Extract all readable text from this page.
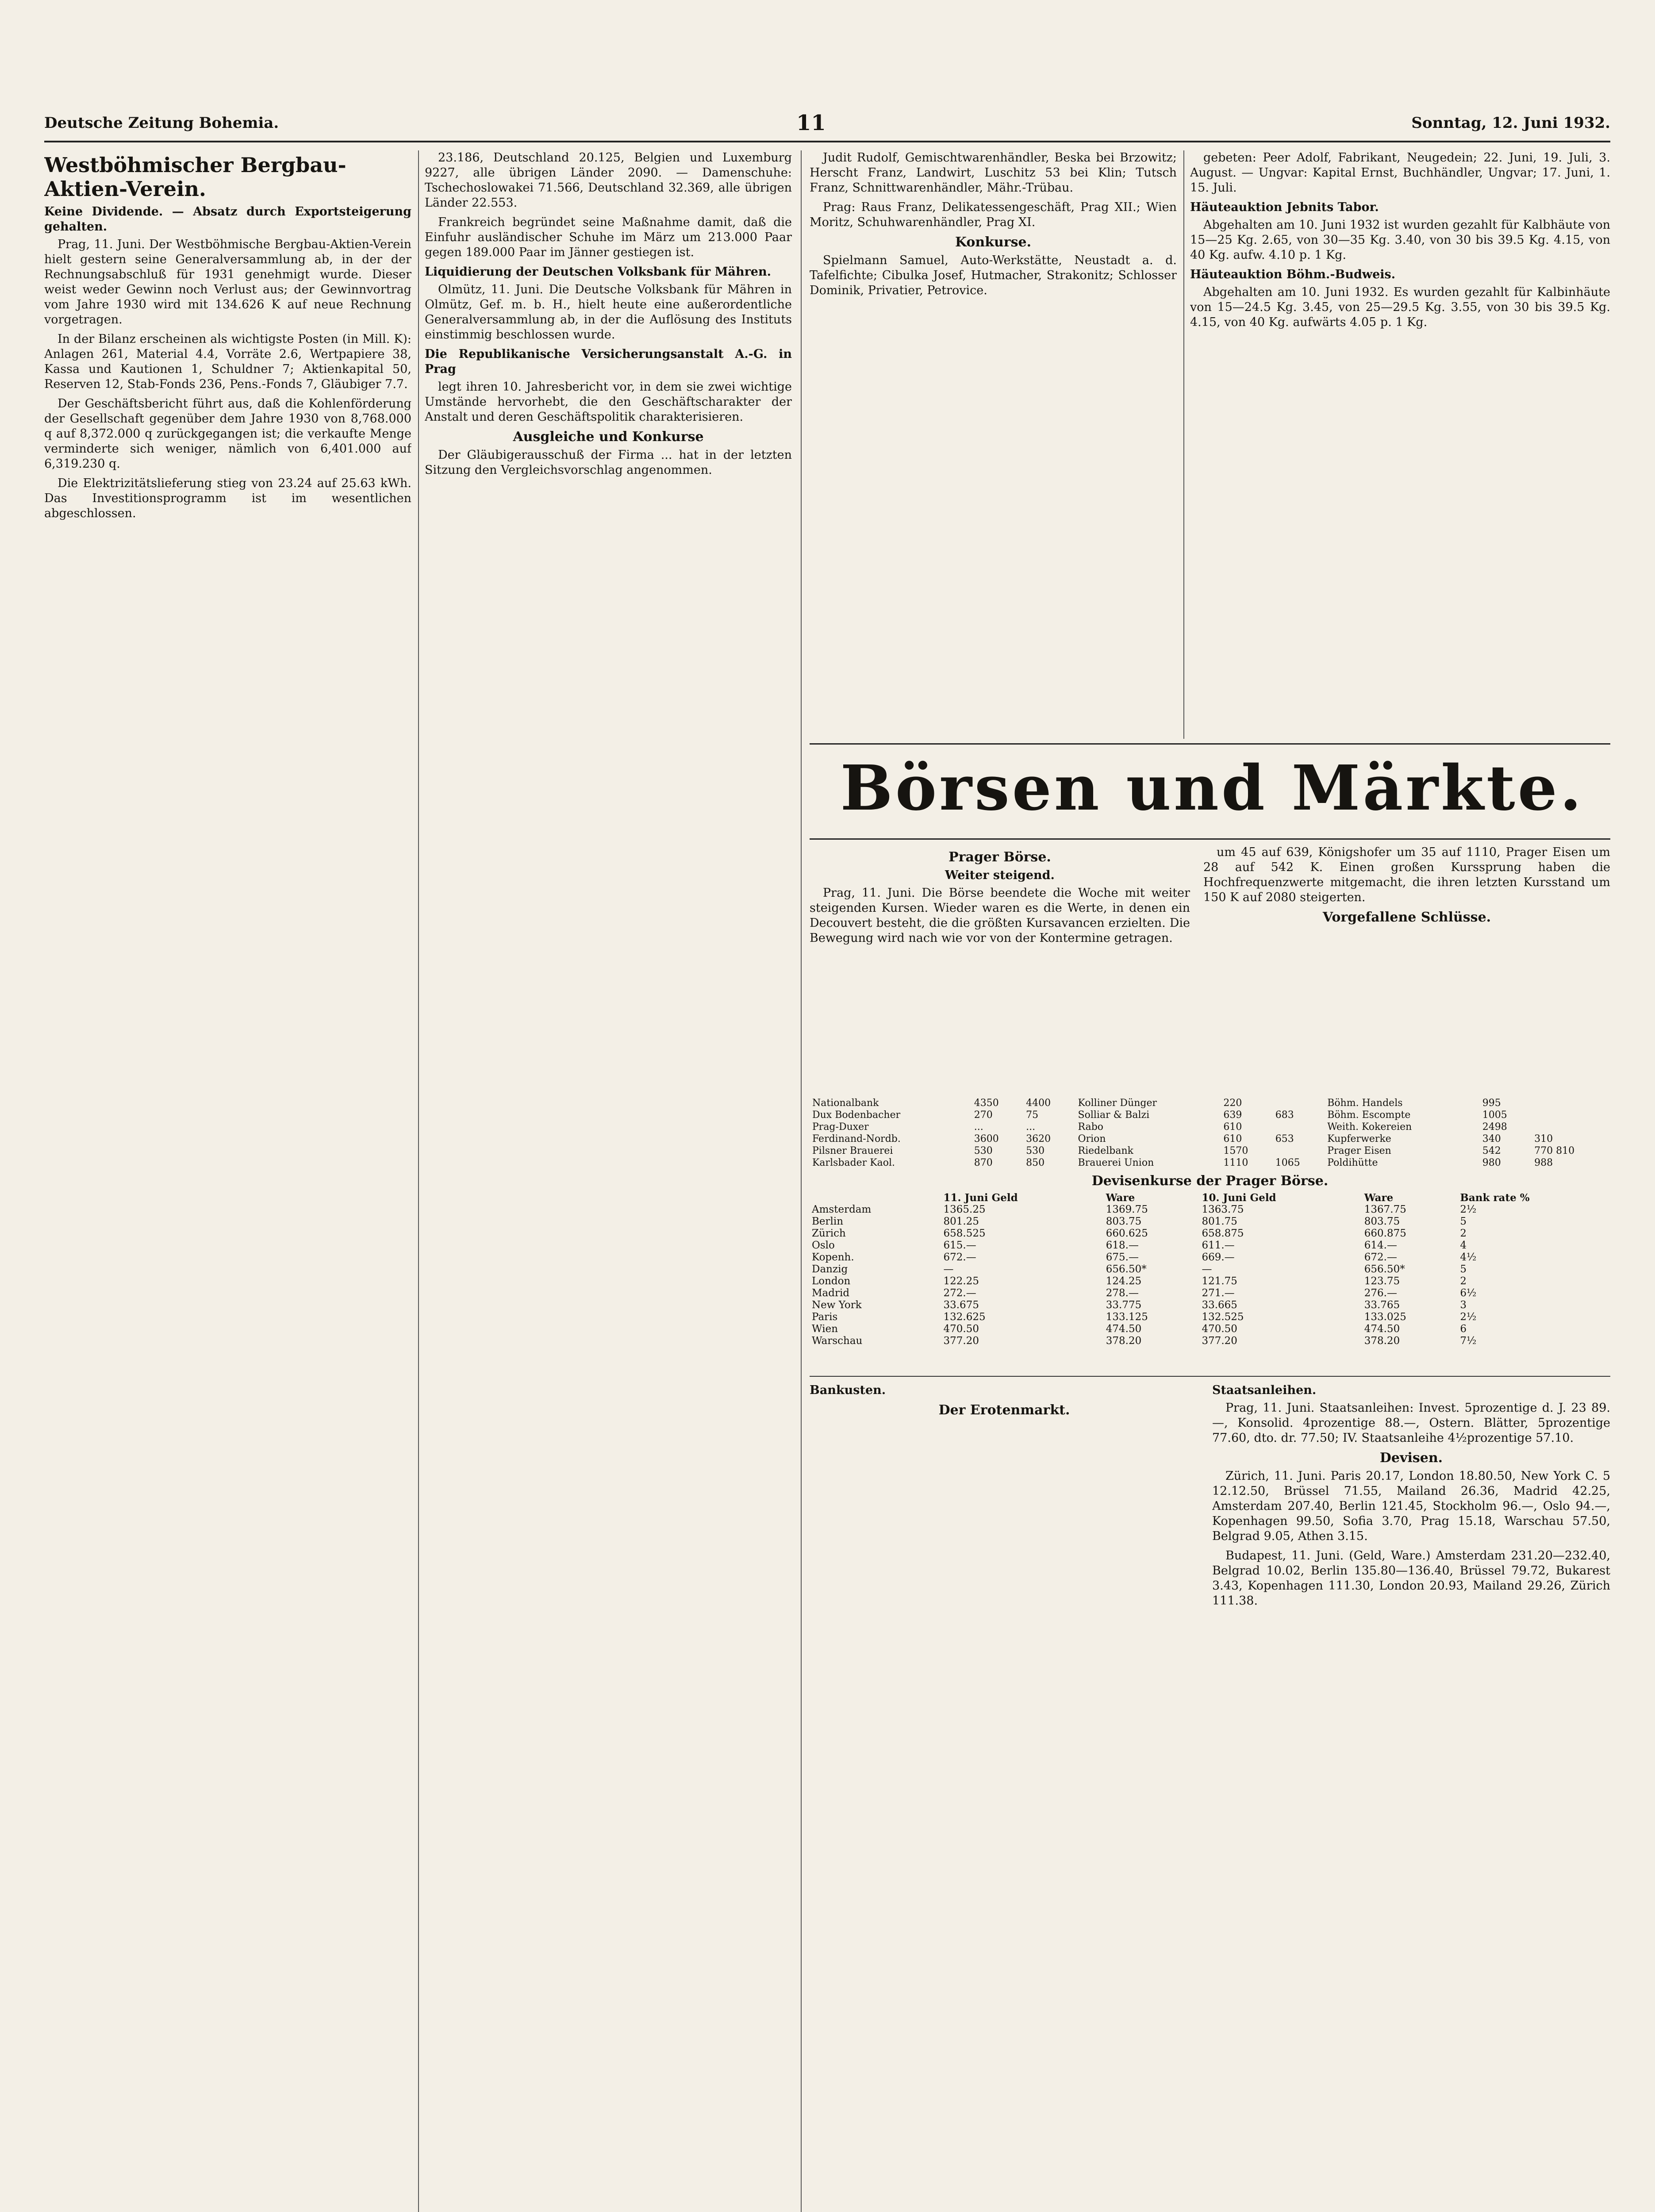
Deutsche Zeitung Bohemia.	11	Sonntag, 12. Juni 1932.
Westböhmischer Bergbau-Aktien-Verein.
Keine Dividende. — Absatz durch Exportsteigerung gehalten.

Prag, 11. Juni. Der Westböhmische Bergbau-Aktien-Verein hielt gestern seine Generalversammlung ab, in der der Rechnungsabschluß für 1931 genehmigt wurde. Dieser weist weder Gewinn noch Verlust aus; der Gewinnvortrag vom Jahre 1930 wird mit 134.626 K auf neue Rechnung vorgetragen.

In der Bilanz erscheinen als wichtigste Posten (in Mill. K): Anlagen 261, Material 4.4, Vorräte 2.6, Wertpapiere 38, Kassa und Kautionen 1, Schuldner 7; Aktienkapital 50, Reserven 12, Stab-Fonds 236, Pens.-Fonds 7, Gläubiger 7.7.

Der Geschäftsbericht führt aus, daß die Kohlenförderung der Gesellschaft gegenüber dem Jahre 1930 von 8,768.000 q auf 8,372.000 q zurückgegangen ist; die verkaufte Menge verminderte sich weniger, nämlich von 6,401.000 auf 6,319.230 q.

Die Elektrizitätslieferung stieg von 23.24 auf 25.63 kWh. Das Investitionsprogramm ist im wesentlichen abgeschlossen.

23.186, Deutschland 20.125, Belgien und Luxemburg 9227, alle übrigen Länder 2090. — Damenschuhe: Tschechoslowakei 71.566, Deutschland 32.369, alle übrigen Länder 22.553.

Frankreich begründet seine Maßnahme damit, daß die Einfuhr ausländischer Schuhe im März um 213.000 Paar gegen 189.000 Paar im Jänner gestiegen ist.

Liquidierung der Deutschen Volksbank für Mähren.

Olmütz, 11. Juni. Die Deutsche Volksbank für Mähren in Olmütz, Gef. m. b. H., hielt heute eine außerordentliche Generalversammlung ab, in der die Auflösung des Instituts einstimmig beschlossen wurde.

Die Republikanische Versicherungsanstalt A.-G. in Prag

legt ihren 10. Jahresbericht vor, in dem sie zwei wichtige Umstände hervorhebt, die den Geschäftscharakter der Anstalt und deren Geschäftspolitik charakterisieren.

Ausgleiche und Konkurse

Der Gläubigerausschuß der Firma ... hat in der letzten Sitzung den Vergleichsvorschlag angenommen.

Judit Rudolf, Gemischtwarenhändler, Beska bei Brzowitz; Herscht Franz, Landwirt, Luschitz 53 bei Klin; Tutsch Franz, Schnittwarenhändler, Mähr.-Trübau.

Prag: Raus Franz, Delikatessengeschäft, Prag XII.; Wien Moritz, Schuhwarenhändler, Prag XI.

Konkurse.

Spielmann Samuel, Auto-Werkstätte, Neustadt a. d. Tafelfichte; Cibulka Josef, Hutmacher, Strakonitz; Schlosser Dominik, Privatier, Petrovice.

gebeten: Peer Adolf, Fabrikant, Neugedein; 22. Juni, 19. Juli, 3. August. — Ungvar: Kapital Ernst, Buchhändler, Ungvar; 17. Juni, 1. 15. Juli.

Häuteauktion Jebnits Tabor.

Abgehalten am 10. Juni 1932 ist wurden gezahlt für Kalbhäute von 15—25 Kg. 2.65, von 30—35 Kg. 3.40, von 30 bis 39.5 Kg. 4.15, von 40 Kg. aufw. 4.10 p. 1 Kg.

Häuteauktion Böhm.-Budweis.

Abgehalten am 10. Juni 1932. Es wurden gezahlt für Kalbinhäute von 15—24.5 Kg. 3.45, von 25—29.5 Kg. 3.55, von 30 bis 39.5 Kg. 4.15, von 40 Kg. aufwärts 4.05 p. 1 Kg.

Börsen und Märkte.
Prager Börse.
Weiter steigend.

Prag, 11. Juni. Die Börse beendete die Woche mit weiter steigenden Kursen. Wieder waren es die Werte, in denen ein Decouvert besteht, die die größten Kursavancen erzielten. Die Bewegung wird nach wie vor von der Kontermine getragen.

um 45 auf 639, Königshofer um 35 auf 1110, Prager Eisen um 28 auf 542 K. Einen großen Kurssprung haben die Hochfrequenzwerte mitgemacht, die ihren letzten Kursstand um 150 K auf 2080 steigerten.

Vorgefallene Schlüsse.
Nationalbank	4350	4400	Kolliner Dünger	220		Böhm. Handels	995	
Dux Bodenbacher	270	75	Solliar & Balzi	639	683	Böhm. Escompte	1005	
Prag-Duxer	...	...	Rabo	610		Weith. Kokereien	2498	
Ferdinand-Nordb.	3600	3620	Orion	610	653	Kupferwerke	340	310
Pilsner Brauerei	530	530	Riedelbank	1570		Prager Eisen	542	770 810
Karlsbader Kaol.	870	850	Brauerei Union	1110	1065	Poldihütte	980	988
Devisenkurse der Prager Börse.
	11. Juni Geld	Ware	10. Juni Geld	Ware	Bank rate %
Amsterdam	1365.25	1369.75	1363.75	1367.75	2½
Berlin	801.25	803.75	801.75	803.75	5
Zürich	658.525	660.625	658.875	660.875	2
Oslo	615.—	618.—	611.—	614.—	4
Kopenh.	672.—	675.—	669.—	672.—	4½
Danzig	—	656.50*	—	656.50*	5
London	122.25	124.25	121.75	123.75	2
Madrid	272.—	278.—	271.—	276.—	6½
New York	33.675	33.775	33.665	33.765	3
Paris	132.625	133.125	132.525	133.025	2½
Wien	470.50	474.50	470.50	474.50	6
Warschau	377.20	378.20	377.20	378.20	7½
Bankusten.
Der Erotenmarkt.
Staatsanleihen.

Prag, 11. Juni. Staatsanleihen: Invest. 5prozentige d. J. 23 89.—, Konsolid. 4prozentige 88.—, Ostern. Blätter, 5prozentige 77.60, dto. dr. 77.50; IV. Staatsanleihe 4½prozentige 57.10.

Devisen.

Zürich, 11. Juni. Paris 20.17, London 18.80.50, New York C. 5 12.12.50, Brüssel 71.55, Mailand 26.36, Madrid 42.25, Amsterdam 207.40, Berlin 121.45, Stockholm 96.—, Oslo 94.—, Kopenhagen 99.50, Sofia 3.70, Prag 15.18, Warschau 57.50, Belgrad 9.05, Athen 3.15.

Budapest, 11. Juni. (Geld, Ware.) Amsterdam 231.20—232.40, Belgrad 10.02, Berlin 135.80—136.40, Brüssel 79.72, Bukarest 3.43, Kopenhagen 111.30, London 20.93, Mailand 29.26, Zürich 111.38.
